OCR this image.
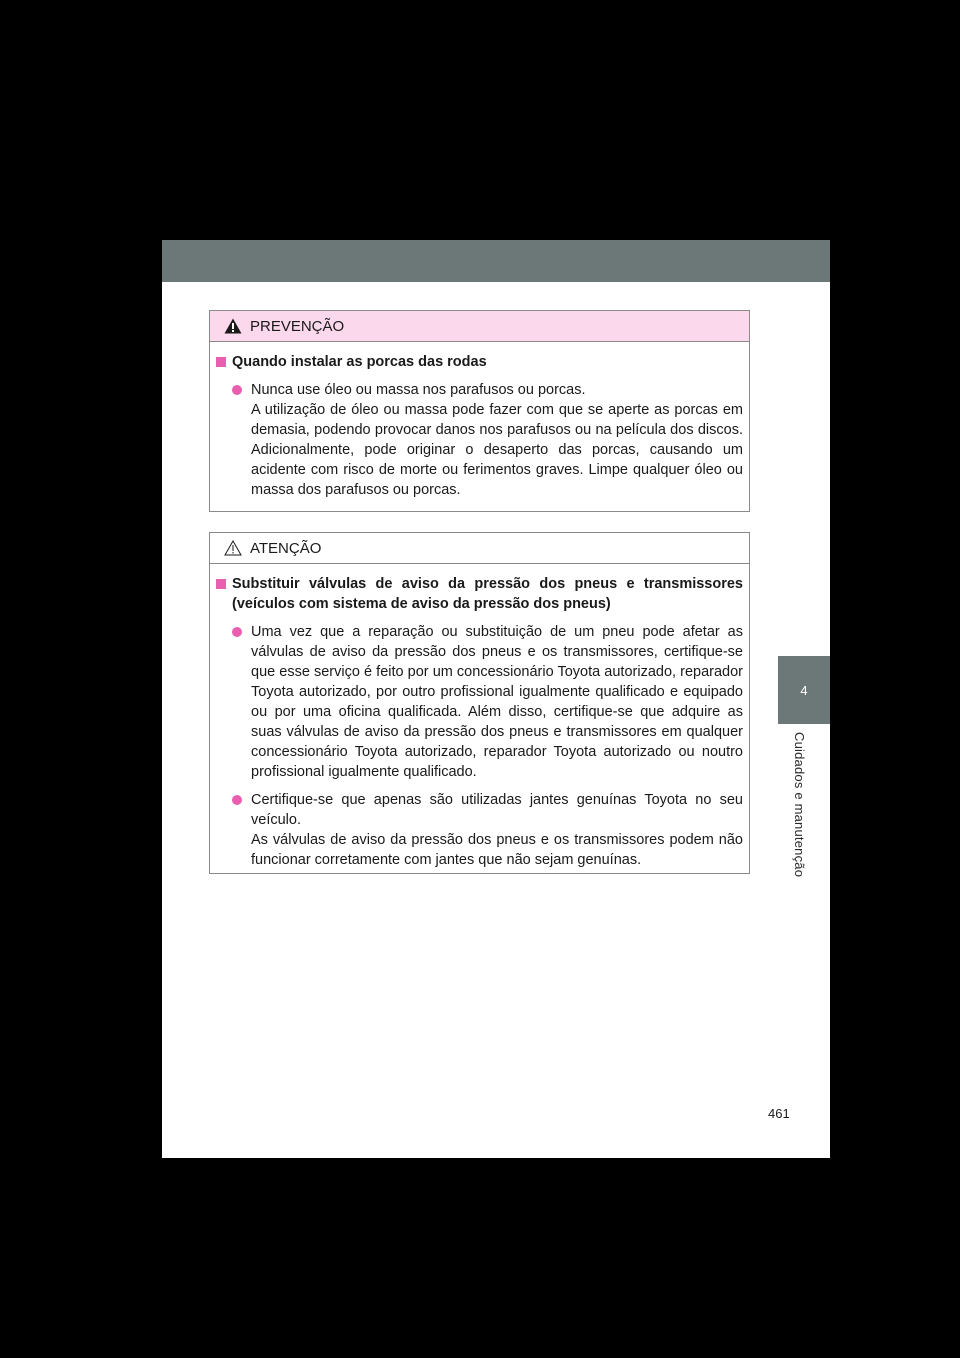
PREVENÇÃO
Quando instalar as porcas das rodas
Nunca use óleo ou massa nos parafusos ou porcas.
A utilização de óleo ou massa pode fazer com que se aperte as porcas em demasia, podendo provocar danos nos parafusos ou na película dos discos. Adicionalmente, pode originar o desaperto das porcas, causando um acidente com risco de morte ou ferimentos graves. Limpe qualquer óleo ou massa dos parafusos ou porcas.
ATENÇÃO
Substituir válvulas de aviso da pressão dos pneus e transmissores (veículos com sistema de aviso da pressão dos pneus)
Uma vez que a reparação ou substituição de um pneu pode afetar as válvulas de aviso da pressão dos pneus e os transmissores, certifique-se que esse serviço é feito por um concessionário Toyota autorizado, reparador Toyota autorizado, por outro profissional igualmente qualificado e equipado ou por uma oficina qualificada. Além disso, certifique-se que adquire as suas válvulas de aviso da pressão dos pneus e transmissores em qualquer concessionário Toyota autorizado, reparador Toyota autorizado ou noutro profissional igualmente qualificado.
Certifique-se que apenas são utilizadas jantes genuínas Toyota no seu veículo.
As válvulas de aviso da pressão dos pneus e os transmissores podem não funcionar corretamente com jantes que não sejam genuínas.
4
Cuidados e manutenção
461
